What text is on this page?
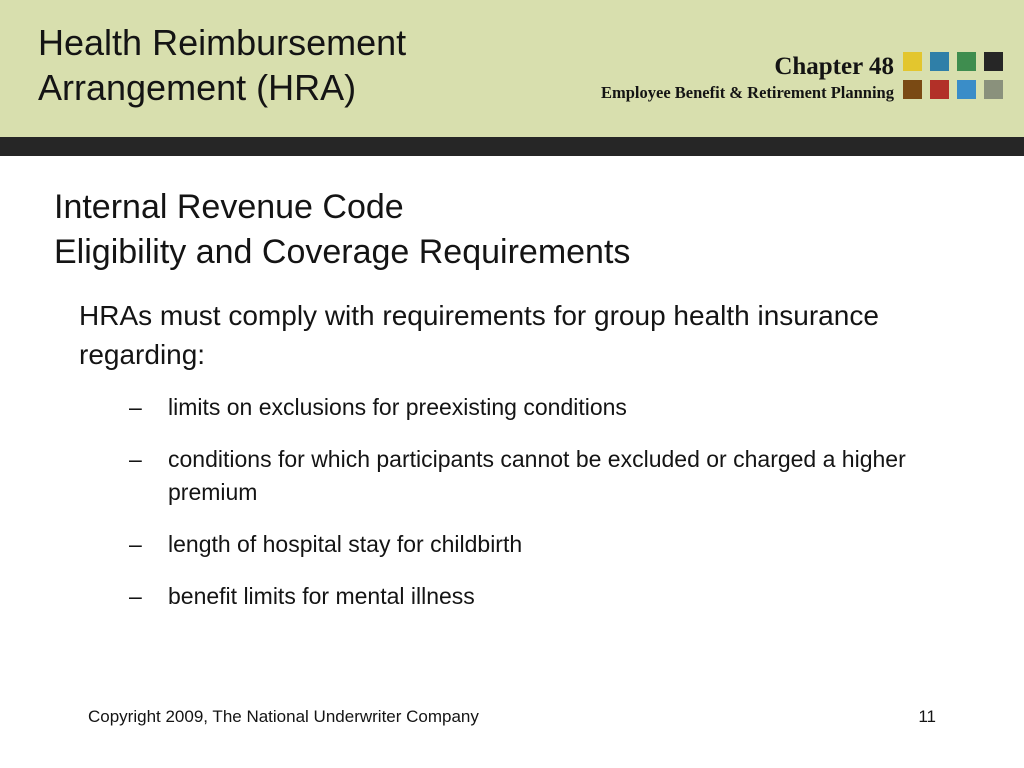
Health Reimbursement
Arrangement (HRA)
Chapter 48
Employee Benefit & Retirement Planning
Internal Revenue Code
Eligibility and Coverage Requirements

HRAs must comply with requirements for group health insurance regarding:

– limits on exclusions for preexisting conditions
– conditions for which participants cannot be excluded or charged a higher premium
– length of hospital stay for childbirth
– benefit limits for mental illness
Copyright 2009, The National Underwriter Company	11
